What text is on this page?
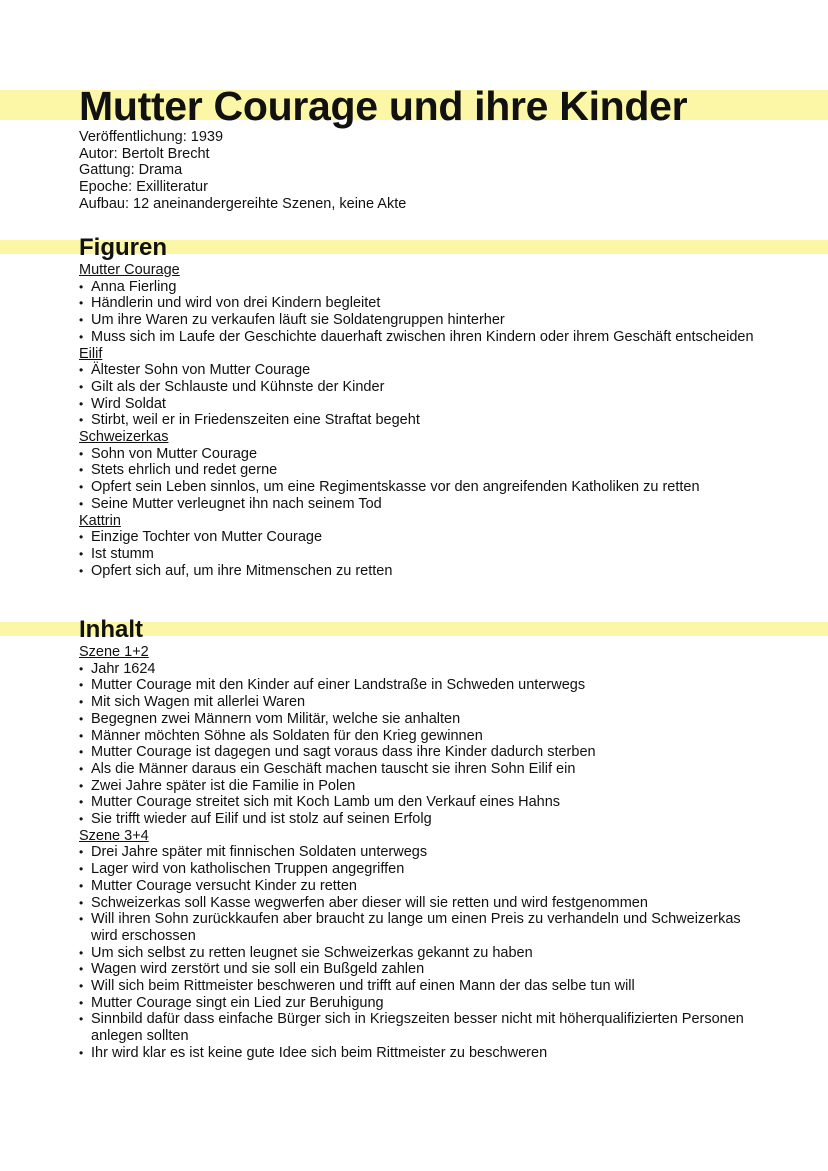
Mutter Courage und ihre Kinder
Veröffentlichung: 1939
Autor: Bertolt Brecht
Gattung: Drama
Epoche: Exilliteratur
Aufbau: 12 aneinandergereihte Szenen, keine Akte
Figuren
Mutter Courage
• Anna Fierling
• Händlerin und wird von drei Kindern begleitet
• Um ihre Waren zu verkaufen läuft sie Soldatengruppen hinterher
• Muss sich im Laufe der Geschichte dauerhaft zwischen ihren Kindern oder ihrem Geschäft entscheiden
Eilif
• Ältester Sohn von Mutter Courage
• Gilt als der Schlauste und Kühnste der Kinder
• Wird Soldat
• Stirbt, weil er in Friedenszeiten eine Straftat begeht
Schweizerkas
• Sohn von Mutter Courage
• Stets ehrlich und redet gerne
• Opfert sein Leben sinnlos, um eine Regimentskasse vor den angreifenden Katholiken zu retten
• Seine Mutter verleugnet ihn nach seinem Tod
Kattrin
• Einzige Tochter von Mutter Courage
• Ist stumm
• Opfert sich auf, um ihre Mitmenschen zu retten
Inhalt
Szene 1+2
• Jahr 1624
• Mutter Courage mit den Kinder auf einer Landstraße in Schweden unterwegs
• Mit sich Wagen mit allerlei Waren
• Begegnen zwei Männern vom Militär, welche sie anhalten
• Männer möchten Söhne als Soldaten für den Krieg gewinnen
• Mutter Courage ist dagegen und sagt voraus dass ihre Kinder dadurch sterben
• Als die Männer daraus ein Geschäft machen tauscht sie ihren Sohn Eilif ein
• Zwei Jahre später ist die Familie in Polen
• Mutter Courage streitet sich mit Koch Lamb um den Verkauf eines Hahns
• Sie trifft wieder auf Eilif und ist stolz auf seinen Erfolg
Szene 3+4
• Drei Jahre später mit finnischen Soldaten unterwegs
• Lager wird von katholischen Truppen angegriffen
• Mutter Courage versucht Kinder zu retten
• Schweizerkas soll Kasse wegwerfen aber dieser will sie retten und wird festgenommen
• Will ihren Sohn zurückkaufen aber braucht zu lange um einen Preis zu verhandeln und Schweizerkas wird erschossen
• Um sich selbst zu retten leugnet sie Schweizerkas gekannt zu haben
• Wagen wird zerstört und sie soll ein Bußgeld zahlen
• Will sich beim Rittmeister beschweren und trifft auf einen Mann der das selbe tun will
• Mutter Courage singt ein Lied zur Beruhigung
• Sinnbild dafür dass einfache Bürger sich in Kriegszeiten besser nicht mit höherqualifizierten Personen anlegen sollten
• Ihr wird klar es ist keine gute Idee sich beim Rittmeister zu beschweren
